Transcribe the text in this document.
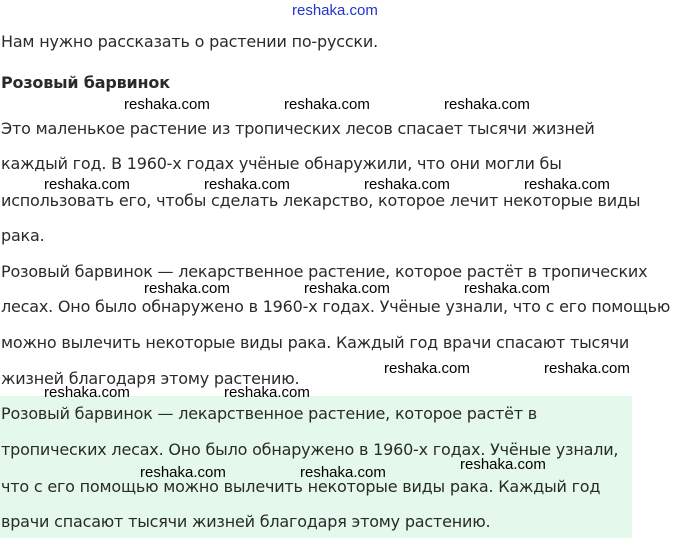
reshaka.com
Нам нужно рассказать о растении по-русски.
Розовый барвинок
Это маленькое растение из тропических лесов спасает тысячи жизней
каждый год. В 1960-х годах учёные обнаружили, что они могли бы
использовать его, чтобы сделать лекарство, которое лечит некоторые виды
рака.
Розовый барвинок — лекарственное растение, которое растёт в тропических
лесах. Оно было обнаружено в 1960-х годах. Учёные узнали, что с его помощью
можно вылечить некоторые виды рака. Каждый год врачи спасают тысячи
жизней благодаря этому растению.
Розовый барвинок — лекарственное растение, которое растёт в
тропических лесах. Оно было обнаружено в 1960-х годах. Учёные узнали,
что с его помощью можно вылечить некоторые виды рака. Каждый год
врачи спасают тысячи жизней благодаря этому растению.
reshaka.com	reshaka.com	reshaka.com
reshaka.com	reshaka.com	reshaka.com	reshaka.com
reshaka.com	reshaka.com	reshaka.com
reshaka.com	reshaka.com
reshaka.com	reshaka.com
reshaka.com
reshaka.com	reshaka.com
